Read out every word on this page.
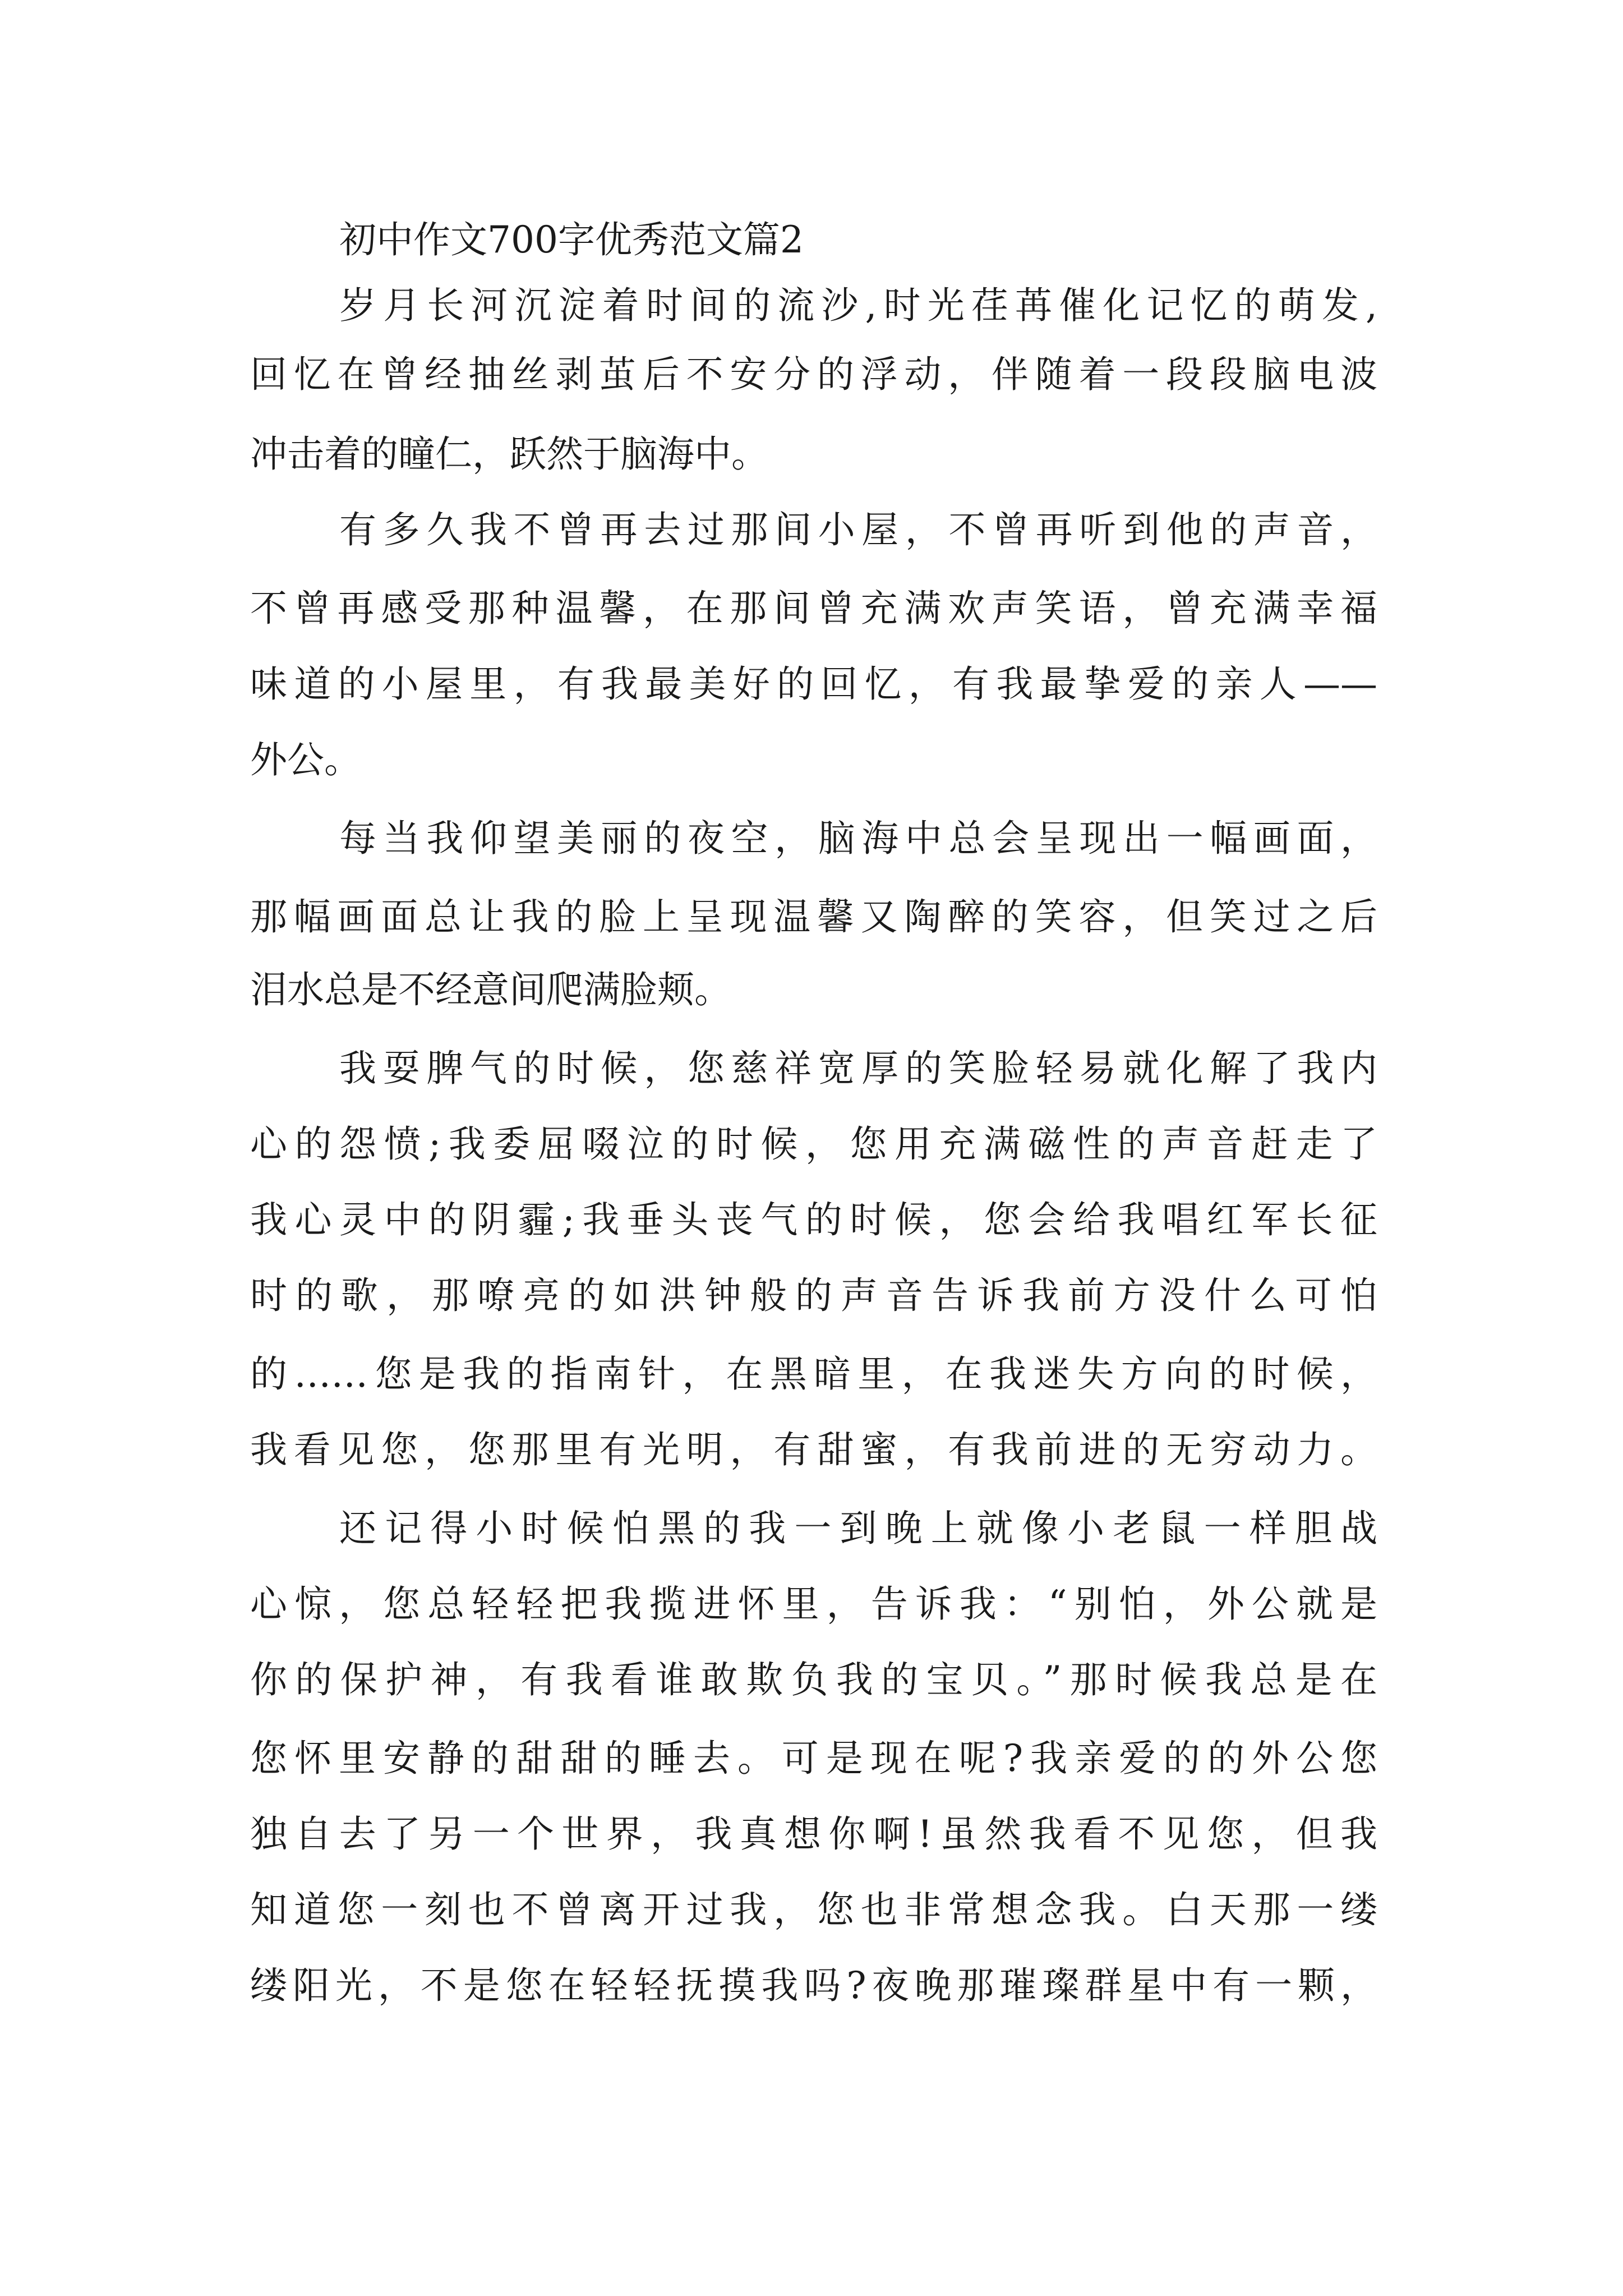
初中作文700字优秀范文篇2
岁月长河沉淀着时间的流沙,时光荏苒催化记忆的萌发,
回忆在曾经抽丝剥茧后不安分的浮动，伴随着一段段脑电波
冲击着的瞳仁，跃然于脑海中。
有多久我不曾再去过那间小屋，不曾再听到他的声音，
不曾再感受那种温馨，在那间曾充满欢声笑语，曾充满幸福
味道的小屋里，有我最美好的回忆，有我最挚爱的亲人——
外公。
每当我仰望美丽的夜空，脑海中总会呈现出一幅画面，
那幅画面总让我的脸上呈现温馨又陶醉的笑容，但笑过之后
泪水总是不经意间爬满脸颊。
我耍脾气的时候，您慈祥宽厚的笑脸轻易就化解了我内
心的怨愤;我委屈啜泣的时候，您用充满磁性的声音赶走了
我心灵中的阴霾;我垂头丧气的时候，您会给我唱红军长征
时的歌，那嘹亮的如洪钟般的声音告诉我前方没什么可怕
的……您是我的指南针，在黑暗里，在我迷失方向的时候，
我看见您，您那里有光明，有甜蜜，有我前进的无穷动力。
还记得小时候怕黑的我一到晚上就像小老鼠一样胆战
心惊，您总轻轻把我揽进怀里，告诉我：“别怕，外公就是
你的保护神，有我看谁敢欺负我的宝贝。”那时候我总是在
您怀里安静的甜甜的睡去。可是现在呢?我亲爱的的外公您
独自去了另一个世界，我真想你啊!虽然我看不见您，但我
知道您一刻也不曾离开过我，您也非常想念我。白天那一缕
缕阳光，不是您在轻轻抚摸我吗?夜晚那璀璨群星中有一颗，
